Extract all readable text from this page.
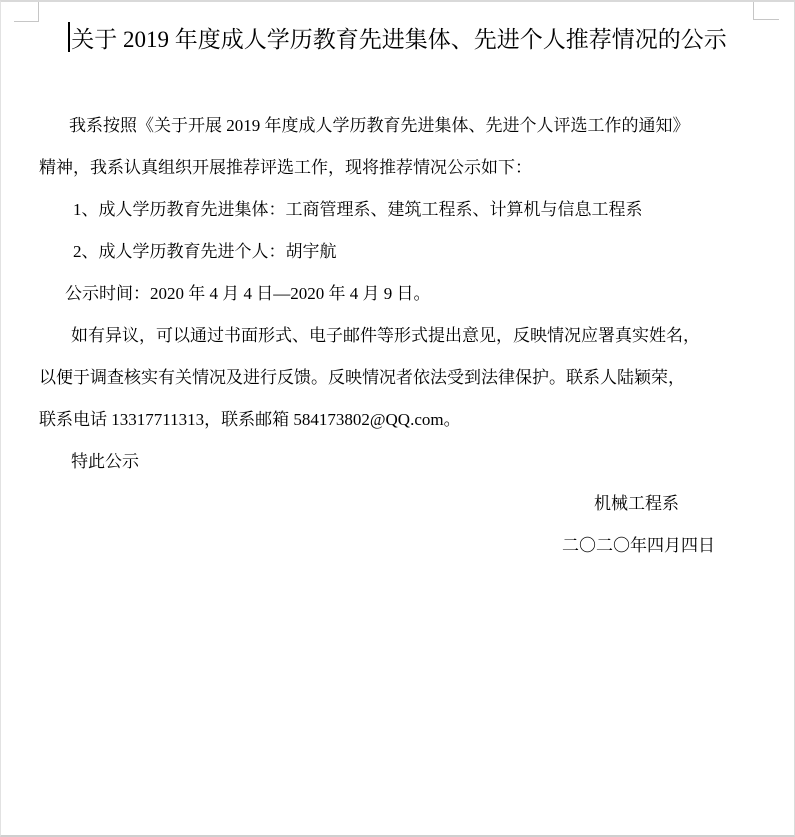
关于 2019 年度成人学历教育先进集体、先进个人推荐情况的公示
我系按照《关于开展 2019 年度成人学历教育先进集体、先进个人评选工作的通知》
精神，我系认真组织开展推荐评选工作，现将推荐情况公示如下：
1、成人学历教育先进集体：工商管理系、建筑工程系、计算机与信息工程系
2、成人学历教育先进个人：胡宇航
公示时间：2020 年 4 月 4 日—2020 年 4 月 9 日。
如有异议，可以通过书面形式、电子邮件等形式提出意见，反映情况应署真实姓名，
以便于调查核实有关情况及进行反馈。反映情况者依法受到法律保护。联系人陆颖荣，
联系电话 13317711313，联系邮箱 584173802@QQ.com。
特此公示
机械工程系
二〇二〇年四月四日
